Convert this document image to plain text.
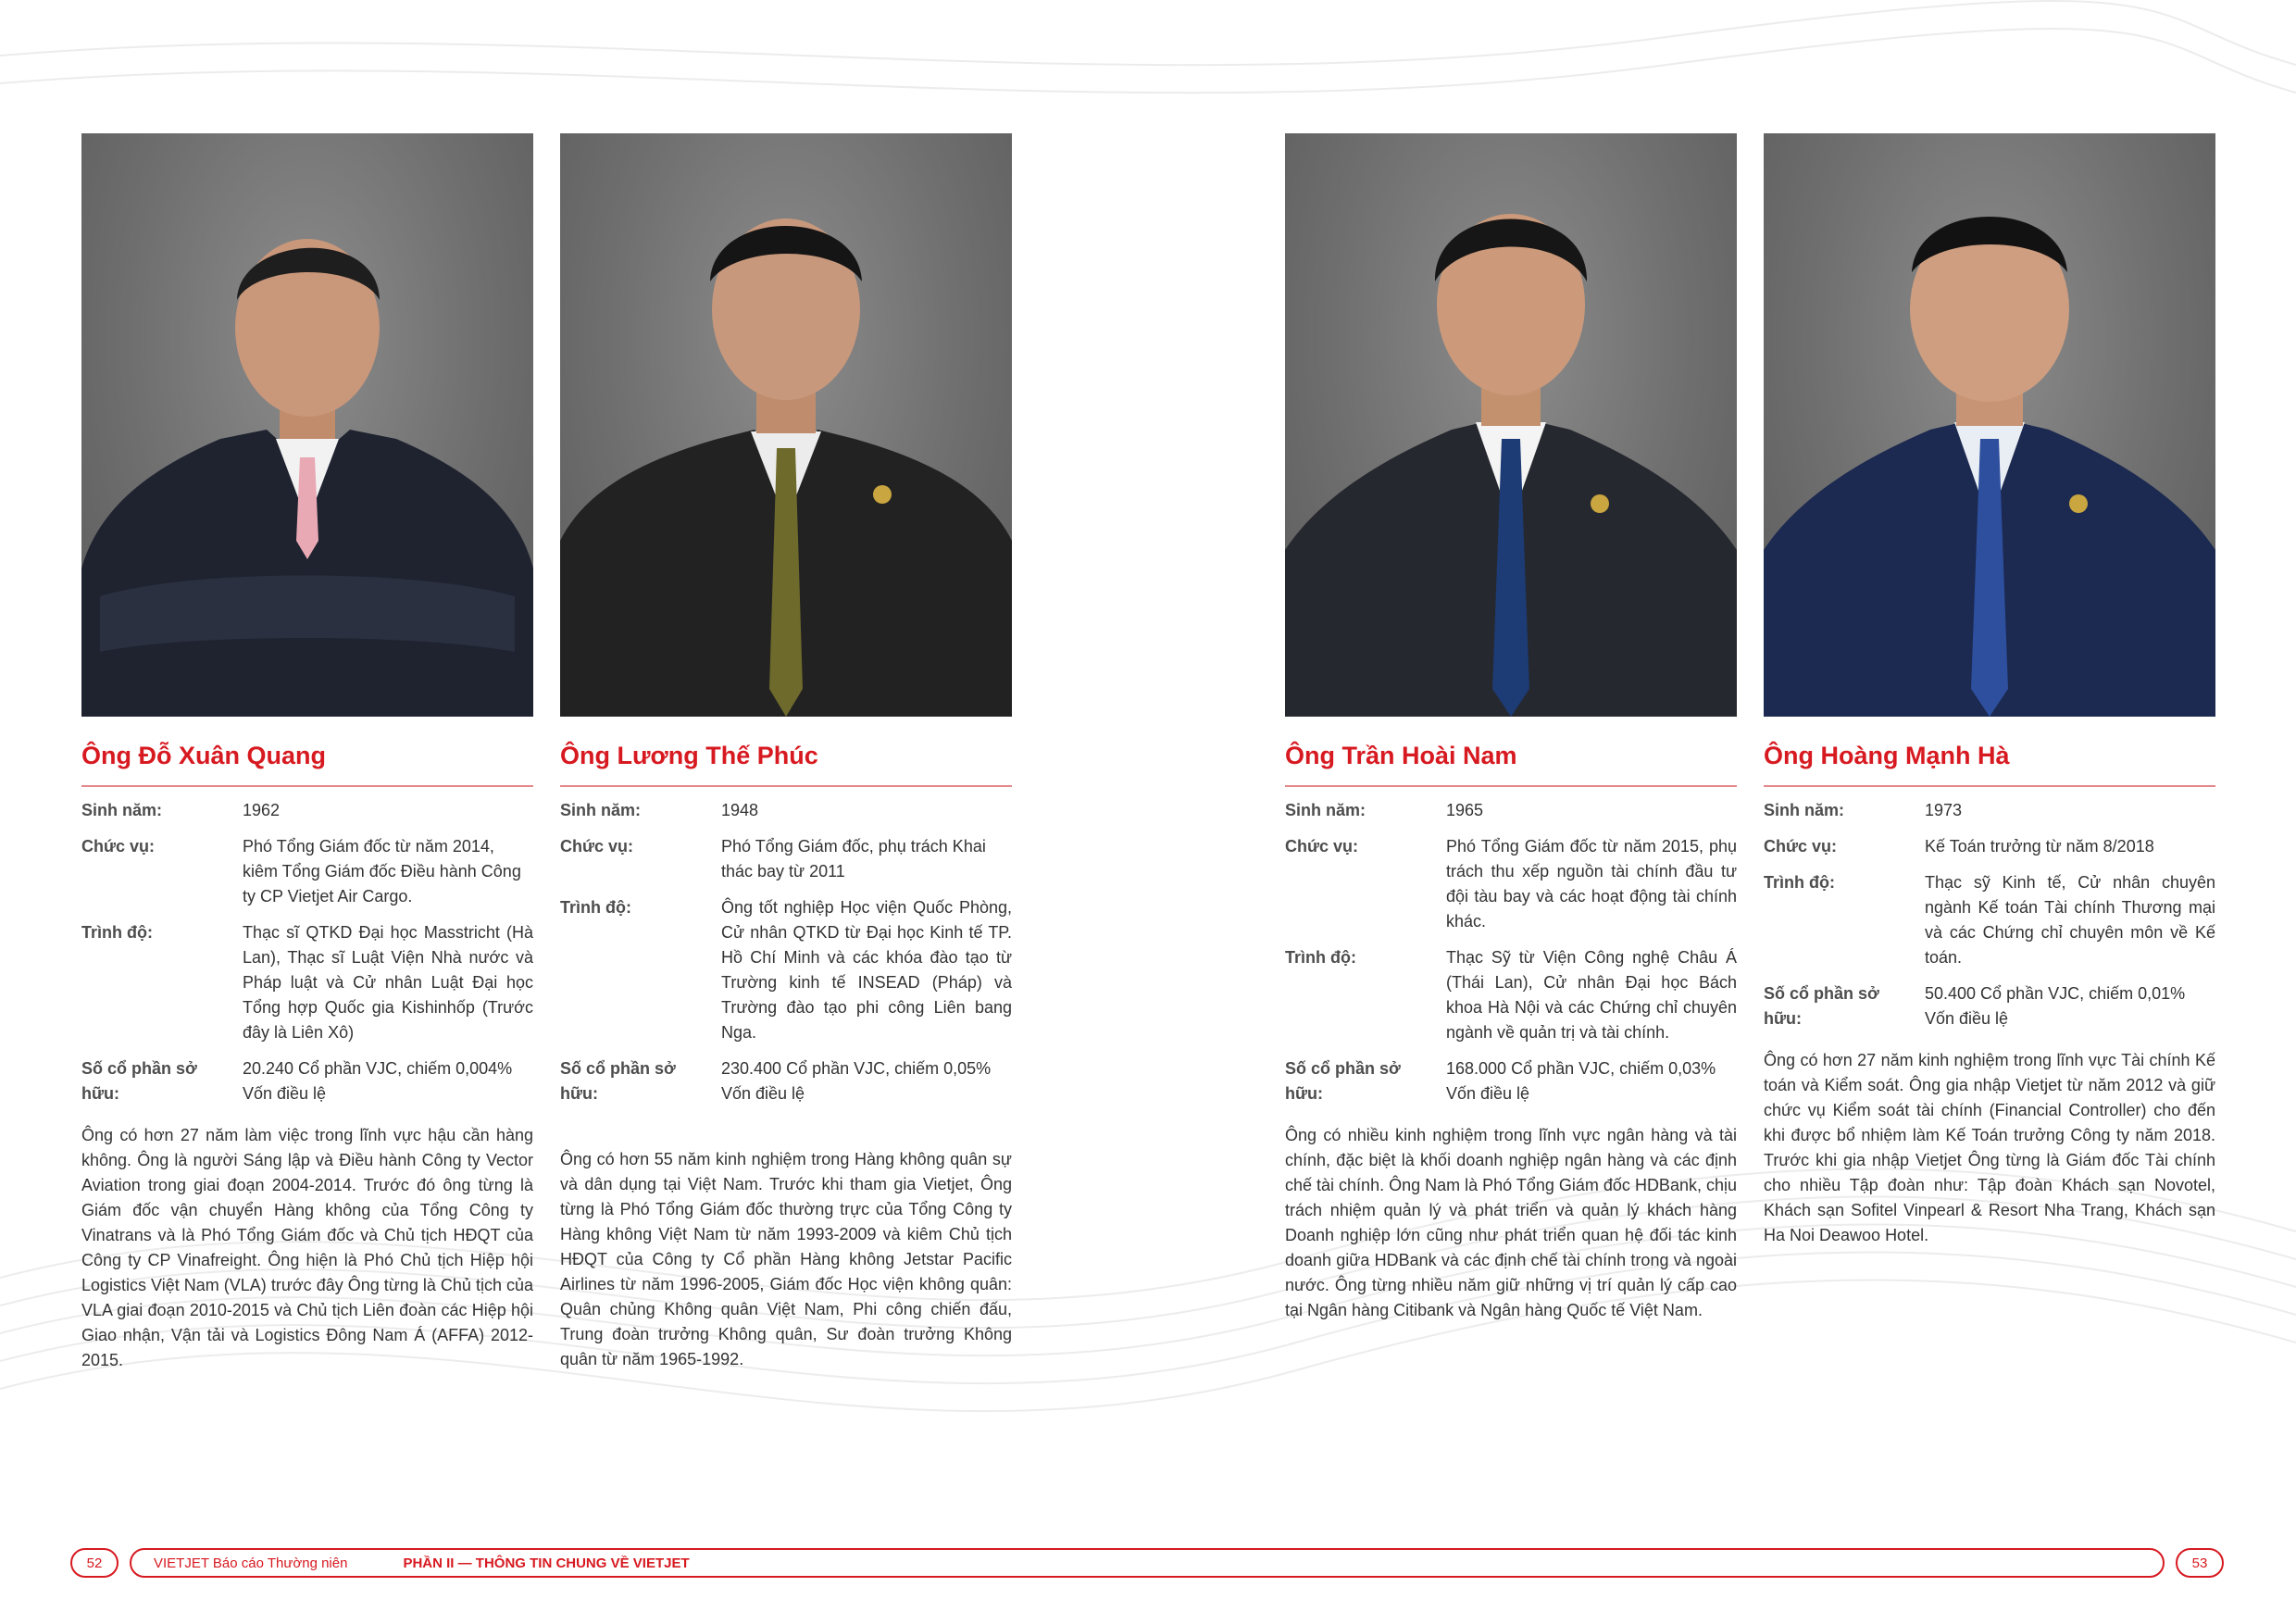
Ông Đỗ Xuân Quang
Sinh năm:	1962
Chức vụ:	Phó Tổng Giám đốc từ năm 2014, kiêm Tổng Giám đốc Điều hành Công ty CP Vietjet Air Cargo.
Trình độ:	Thạc sĩ QTKD Đại học Masstricht (Hà Lan), Thạc sĩ Luật Viện Nhà nước và Pháp luật và Cử nhân Luật Đại học Tổng hợp Quốc gia Kishinhốp (Trước đây là Liên Xô)
Số cổ phần sở hữu:
20.240 Cổ phần VJC, chiếm 0,004% Vốn điều lệ
Ông có hơn 27 năm làm việc trong lĩnh vực hậu cần hàng không. Ông là người Sáng lập và Điều hành Công ty Vector Aviation trong giai đoạn 2004-2014. Trước đó ông từng là Giám đốc vận chuyển Hàng không của Tổng Công ty Vinatrans và là Phó Tổng Giám đốc và Chủ tịch HĐQT của Công ty CP Vinafreight. Ông hiện là Phó Chủ tịch Hiệp hội Logistics Việt Nam (VLA) trước đây Ông từng là Chủ tịch của VLA giai đoạn 2010-2015 và Chủ tịch Liên đoàn các Hiệp hội Giao nhận, Vận tải và Logistics Đông Nam Á (AFFA) 2012-2015.
Ông Lương Thế Phúc
Sinh năm:	1948
Chức vụ:	Phó Tổng Giám đốc, phụ trách Khai thác bay từ 2011
Trình độ:	Ông tốt nghiệp Học viện Quốc Phòng, Cử nhân QTKD từ Đại học Kinh tế TP. Hồ Chí Minh và các khóa đào tạo từ Trường kinh tế INSEAD (Pháp) và Trường đào tạo phi công Liên bang Nga.
Số cổ phần sở hữu:
230.400 Cổ phần VJC, chiếm 0,05% Vốn điều lệ
Ông có hơn 55 năm kinh nghiệm trong Hàng không quân sự và dân dụng tại Việt Nam. Trước khi tham gia Vietjet, Ông từng là Phó Tổng Giám đốc thường trực của Tổng Công ty Hàng không Việt Nam từ năm 1993-2009 và kiêm Chủ tịch HĐQT của Công ty Cổ phần Hàng không Jetstar Pacific Airlines từ năm 1996-2005, Giám đốc Học viện không quân: Quân chủng Không quân Việt Nam, Phi công chiến đấu, Trung đoàn trưởng Không quân, Sư đoàn trưởng Không quân từ năm 1965-1992.
Ông Trần Hoài Nam
Sinh năm:	1965
Chức vụ:	Phó Tổng Giám đốc từ năm 2015, phụ trách thu xếp nguồn tài chính đầu tư đội tàu bay và các hoạt động tài chính khác.
Trình độ:	Thạc Sỹ từ Viện Công nghệ Châu Á (Thái Lan), Cử nhân Đại học Bách khoa Hà Nội và các Chứng chỉ chuyên ngành về quản trị và tài chính.
Số cổ phần sở hữu:
168.000 Cổ phần VJC, chiếm 0,03% Vốn điều lệ
Ông có nhiều kinh nghiệm trong lĩnh vực ngân hàng và tài chính, đặc biệt là khối doanh nghiệp ngân hàng và các định chế tài chính. Ông Nam là Phó Tổng Giám đốc HDBank, chịu trách nhiệm quản lý và phát triển và quản lý khách hàng Doanh nghiệp lớn cũng như phát triển quan hệ đối tác kinh doanh giữa HDBank và các định chế tài chính trong và ngoài nước. Ông từng nhiều năm giữ những vị trí quản lý cấp cao tại Ngân hàng Citibank và Ngân hàng Quốc tế Việt Nam.
Ông Hoàng Mạnh Hà
Sinh năm:	1973
Chức vụ:	Kế Toán trưởng từ năm 8/2018
Trình độ:	Thạc sỹ Kinh tế, Cử nhân chuyên ngành Kế toán Tài chính Thương mại và các Chứng chỉ chuyên môn về Kế toán.
Số cổ phần sở hữu:
50.400 Cổ phần VJC, chiếm 0,01% Vốn điều lệ
Ông có hơn 27 năm kinh nghiệm trong lĩnh vực Tài chính Kế toán và Kiểm soát. Ông gia nhập Vietjet từ năm 2012 và giữ chức vụ Kiểm soát tài chính (Financial Controller) cho đến khi được bổ nhiệm làm Kế Toán trưởng Công ty năm 2018. Trước khi gia nhập Vietjet Ông từng là Giám đốc Tài chính cho nhiều Tập đoàn như: Tập đoàn Khách sạn Novotel, Khách sạn Sofitel Vinpearl & Resort Nha Trang, Khách sạn Ha Noi Deawoo Hotel.
52	VIETJET Báo cáo Thường niên	PHẦN II — THÔNG TIN CHUNG VỀ VIETJET	53
